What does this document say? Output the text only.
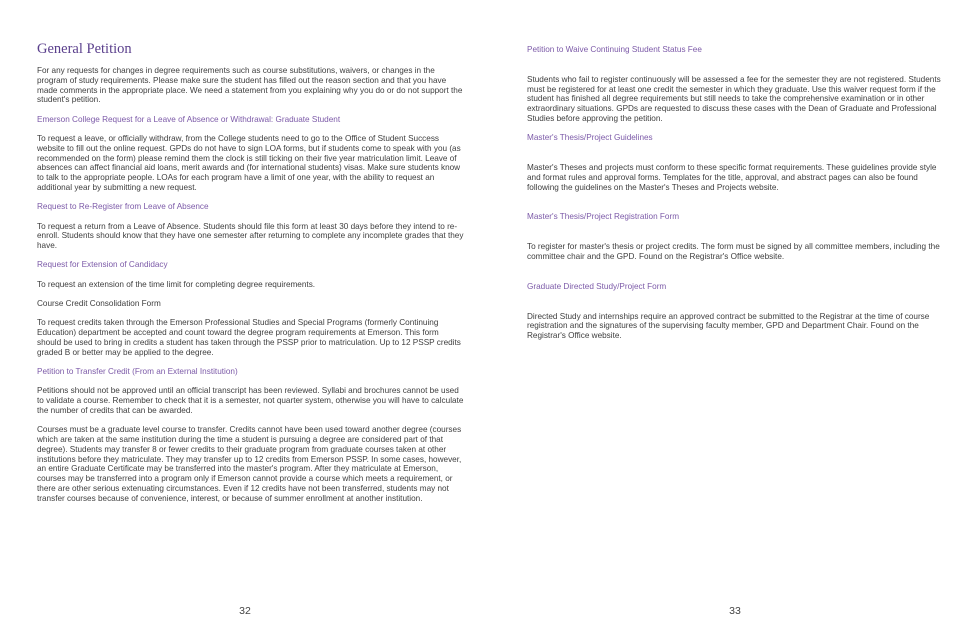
General Petition

For any requests for changes in degree requirements such as course substitutions, waivers, or changes in the program of study requirements. Please make sure the student has filled out the reason section and that you have made comments in the appropriate place. We need a statement from you explaining why you do or do not support the student's petition.

Emerson College Request for a Leave of Absence or Withdrawal: Graduate Student

To request a leave, or officially withdraw, from the College students need to go to the Office of Student Success website to fill out the online request. GPDs do not have to sign LOA forms, but if students come to speak with you (as recommended on the form) please remind them the clock is still ticking on their five year matriculation limit. Leave of absences can affect financial aid loans, merit awards and (for international students) visas. Make sure students know to talk to the appropriate people. LOAs for each program have a limit of one year, with the ability to request an additional year by submitting a new request.

Request to Re-Register from Leave of Absence

To request a return from a Leave of Absence. Students should file this form at least 30 days before they intend to re-enroll. Students should know that they have one semester after returning to complete any incomplete grades that they have.

Request for Extension of Candidacy

To request an extension of the time limit for completing degree requirements.

Course Credit Consolidation Form

To request credits taken through the Emerson Professional Studies and Special Programs (formerly Continuing Education) department be accepted and count toward the degree program requirements at Emerson. This form should be used to bring in credits a student has taken through the PSSP prior to matriculation. Up to 12 PSSP credits graded B or better may be applied to the degree.

Petition to Transfer Credit (From an External Institution)

Petitions should not be approved until an official transcript has been reviewed. Syllabi and brochures cannot be used to validate a course. Remember to check that it is a semester, not quarter system, otherwise you will have to calculate the number of credits that can be awarded.

Courses must be a graduate level course to transfer. Credits cannot have been used toward another degree (courses which are taken at the same institution during the time a student is pursuing a degree are considered part of that degree). Students may transfer 8 or fewer credits to their graduate program from graduate courses taken at other institutions before they matriculate. They may transfer up to 12 credits from Emerson PSSP. In some cases, however, an entire Graduate Certificate may be transferred into the master's program. After they matriculate at Emerson, courses may be transferred into a program only if Emerson cannot provide a course which meets a requirement, or there are other serious extenuating circumstances. Even if 12 credits have not been transferred, students may not transfer courses because of convenience, interest, or because of summer enrollment at another institution.

32

Petition to Waive Continuing Student Status Fee

Students who fail to register continuously will be assessed a fee for the semester they are not registered. Students must be registered for at least one credit the semester in which they graduate. Use this waiver request form if the student has finished all degree requirements but still needs to take the comprehensive examination or in other extraordinary situations. GPDs are requested to discuss these cases with the Dean of Graduate and Professional Studies before approving the petition.

Master's Thesis/Project Guidelines

Master's Theses and projects must conform to these specific format requirements. These guidelines provide style and format rules and approval forms. Templates for the title, approval, and abstract pages can also be found following the guidelines on the Master's Theses and Projects website.

Master's Thesis/Project Registration Form

To register for master's thesis or project credits. The form must be signed by all committee members, including the committee chair and the GPD. Found on the Registrar's Office website.

Graduate Directed Study/Project Form

Directed Study and internships require an approved contract be submitted to the Registrar at the time of course registration and the signatures of the supervising faculty member, GPD and Department Chair. Found on the Registrar's Office website.

33
